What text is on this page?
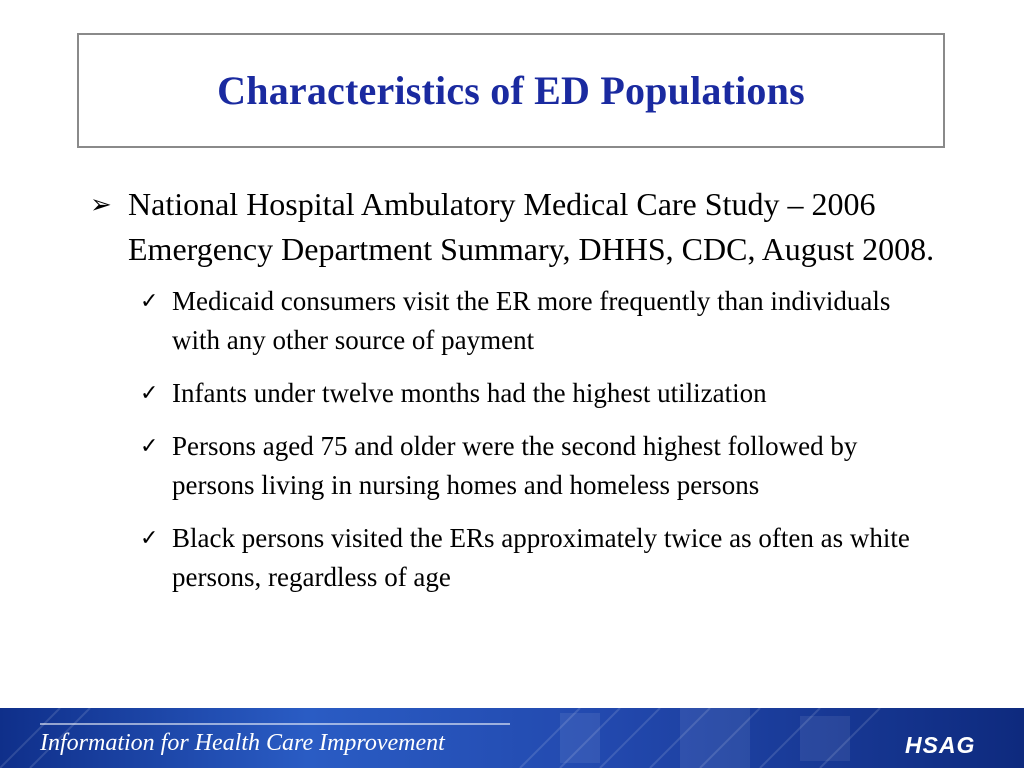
Characteristics of ED Populations
➢ National Hospital Ambulatory Medical Care Study – 2006 Emergency Department Summary, DHHS, CDC, August 2008.
✓ Medicaid consumers visit the ER more frequently than individuals with any other source of payment
✓ Infants under twelve months had the highest utilization
✓ Persons aged 75 and older were the second highest followed by persons living in nursing homes and homeless persons
✓ Black persons visited the ERs approximately twice as often as white persons, regardless of age
Information for Health Care Improvement	HSAG
